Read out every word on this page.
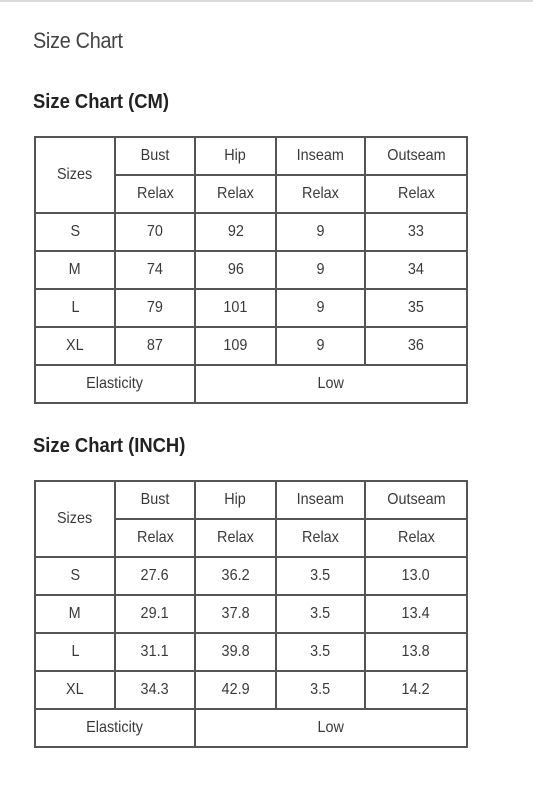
Size Chart
Size Chart (CM)
Sizes	Bust	Hip	Inseam	Outseam
	Relax	Relax	Relax	Relax
S	70	92	9	33
M	74	96	9	34
L	79	101	9	35
XL	87	109	9	36
Elasticity		Low		
Size Chart (INCH)
Sizes	Bust	Hip	Inseam	Outseam
	Relax	Relax	Relax	Relax
S	27.6	36.2	3.5	13.0
M	29.1	37.8	3.5	13.4
L	31.1	39.8	3.5	13.8
XL	34.3	42.9	3.5	14.2
Elasticity		Low		
